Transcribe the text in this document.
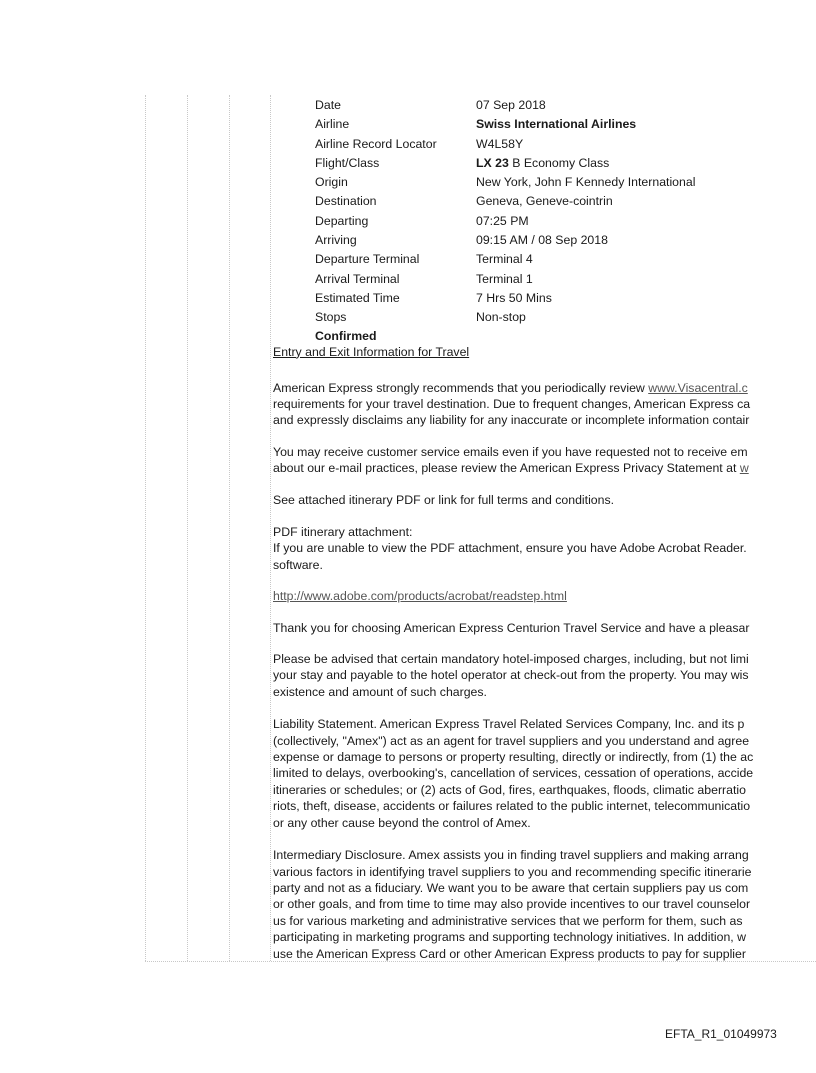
Date	07 Sep 2018
Airline	Swiss International Airlines
Airline Record Locator	W4L58Y
Flight/Class	LX 23 B Economy Class
Origin	New York, John F Kennedy International
Destination	Geneva, Geneve-cointrin
Departing	07:25 PM
Arriving	09:15 AM / 08 Sep 2018
Departure Terminal	Terminal 4
Arrival Terminal	Terminal 1
Estimated Time	7 Hrs 50 Mins
Stops	Non-stop
Confirmed
Entry and Exit Information for Travel

American Express strongly recommends that you periodically review www.Visacentral.c
requirements for your travel destination. Due to frequent changes, American Express ca
and expressly disclaims any liability for any inaccurate or incomplete information contair

You may receive customer service emails even if you have requested not to receive em
about our e-mail practices, please review the American Express Privacy Statement at w

See attached itinerary PDF or link for full terms and conditions.

PDF itinerary attachment:
If you are unable to view the PDF attachment, ensure you have Adobe Acrobat Reader.
software.

http://www.adobe.com/products/acrobat/readstep.html

Thank you for choosing American Express Centurion Travel Service and have a pleasar

Please be advised that certain mandatory hotel-imposed charges, including, but not limi
your stay and payable to the hotel operator at check-out from the property. You may wis
existence and amount of such charges.

Liability Statement. American Express Travel Related Services Company, Inc. and its p
(collectively, "Amex") act as an agent for travel suppliers and you understand and agree
expense or damage to persons or property resulting, directly or indirectly, from (1) the ac
limited to delays, overbooking's, cancellation of services, cessation of operations, accide
itineraries or schedules; or (2) acts of God, fires, earthquakes, floods, climatic aberratio
riots, theft, disease, accidents or failures related to the public internet, telecommunicatio
or any other cause beyond the control of Amex.

Intermediary Disclosure. Amex assists you in finding travel suppliers and making arrang
various factors in identifying travel suppliers to you and recommending specific itinerarie
party and not as a fiduciary. We want you to be aware that certain suppliers pay us com
or other goals, and from time to time may also provide incentives to our travel counselor
us for various marketing and administrative services that we perform for them, such as
participating in marketing programs and supporting technology initiatives. In addition, w
use the American Express Card or other American Express products to pay for supplier

EFTA_R1_01049973
